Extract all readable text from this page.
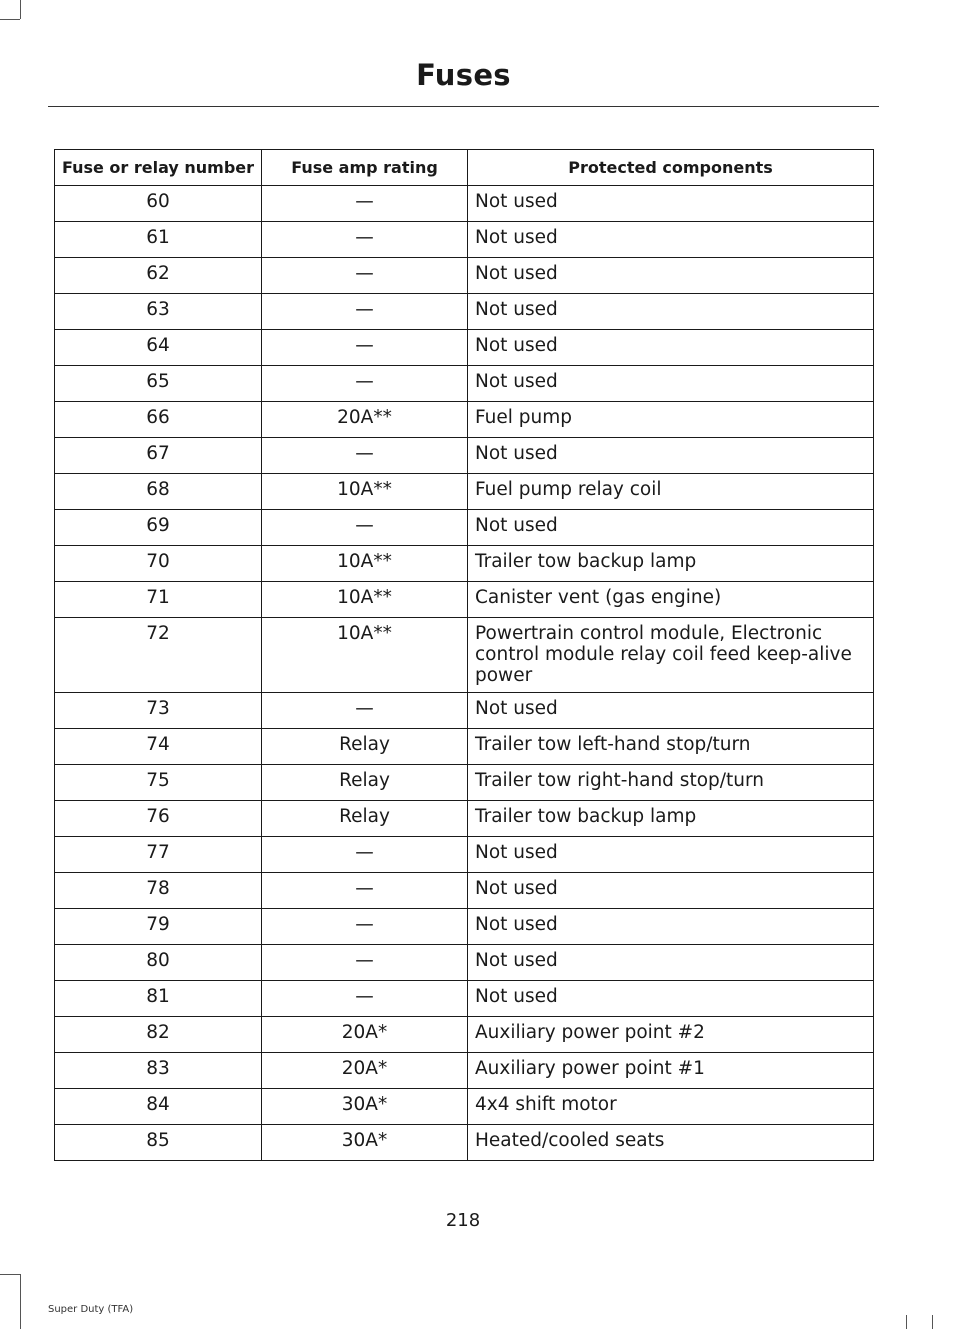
Fuses
Fuse or relay number	Fuse amp rating	Protected components
60	—	Not used
61	—	Not used
62	—	Not used
63	—	Not used
64	—	Not used
65	—	Not used
66	20A**	Fuel pump
67	—	Not used
68	10A**	Fuel pump relay coil
69	—	Not used
70	10A**	Trailer tow backup lamp
71	10A**	Canister vent (gas engine)
72	10A**	Powertrain control module, Electronic control module relay coil feed keep-alive power
73	—	Not used
74	Relay	Trailer tow left-hand stop/turn
75	Relay	Trailer tow right-hand stop/turn
76	Relay	Trailer tow backup lamp
77	—	Not used
78	—	Not used
79	—	Not used
80	—	Not used
81	—	Not used
82	20A*	Auxiliary power point #2
83	20A*	Auxiliary power point #1
84	30A*	4x4 shift motor
85	30A*	Heated/cooled seats
218
Super Duty (TFA)
